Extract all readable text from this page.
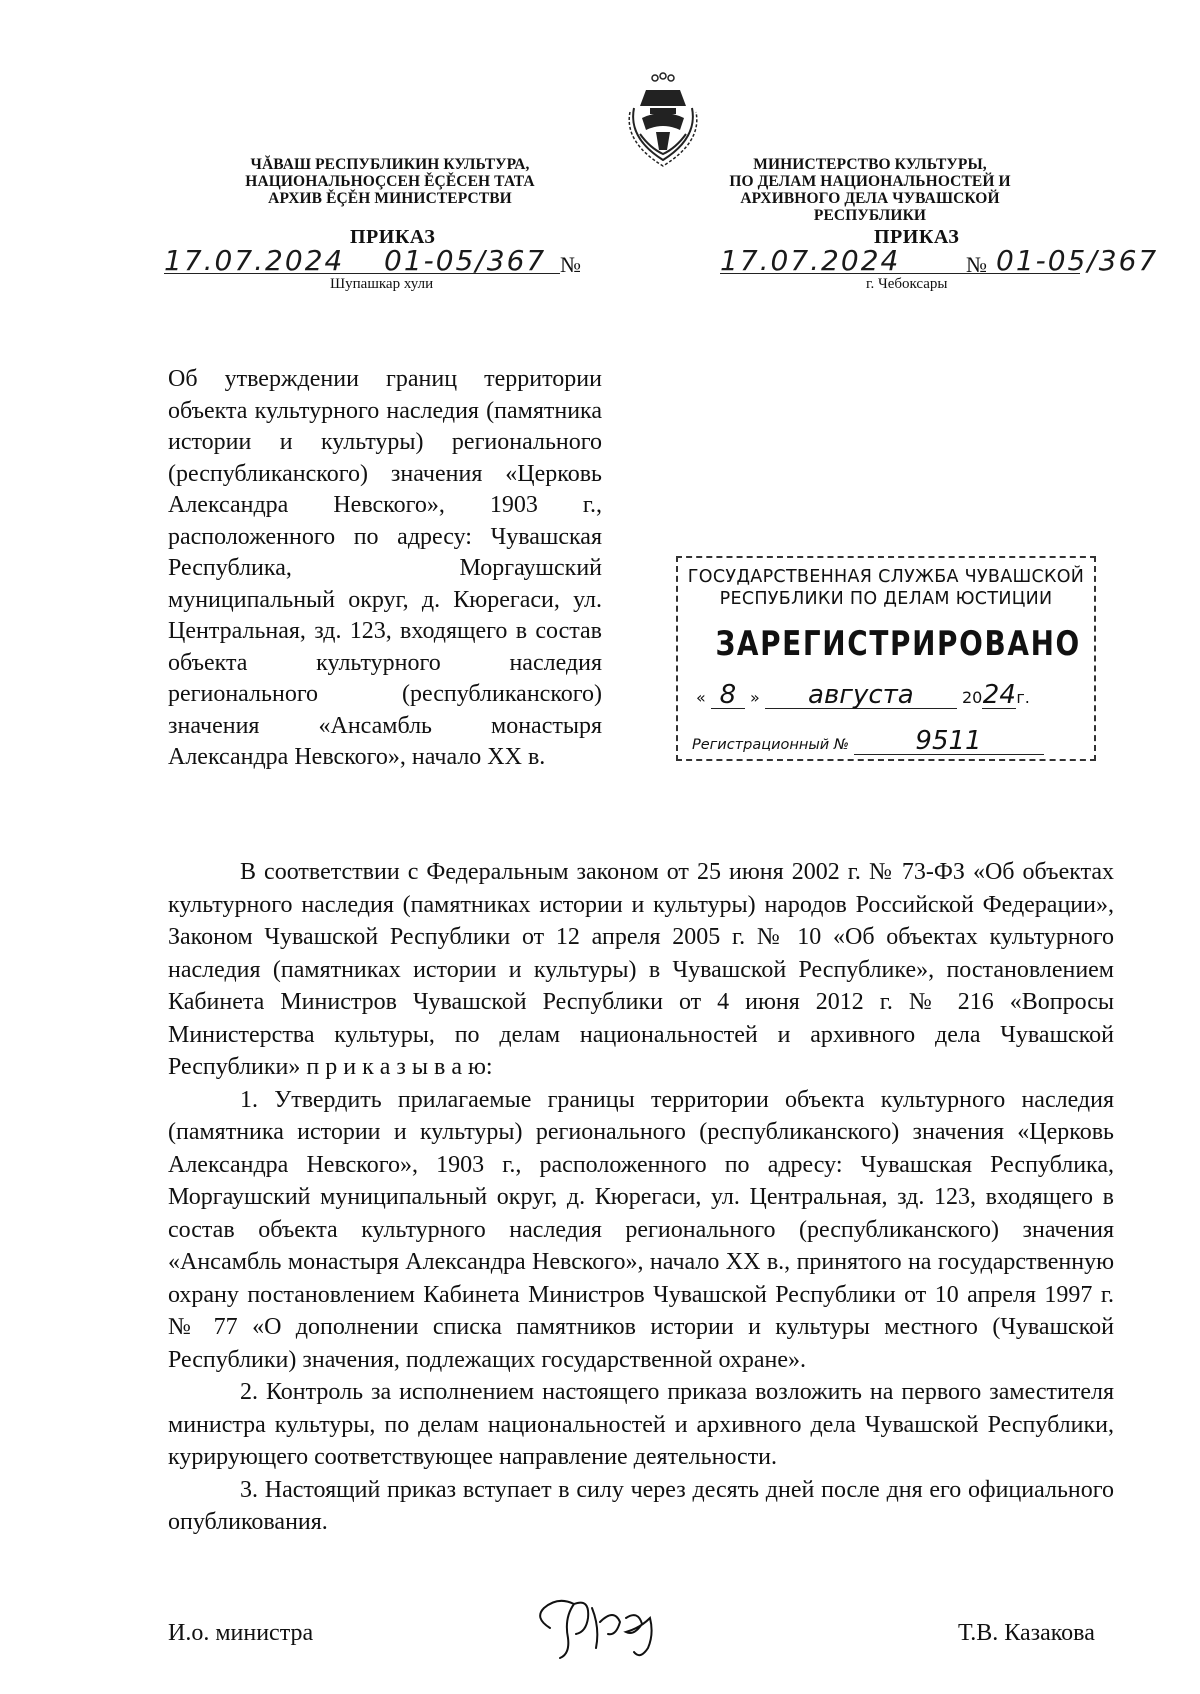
ЧĂВАШ РЕСПУБЛИКИН КУЛЬТУРА,
НАЦИОНАЛЬНОÇСЕН ĚÇĚСЕН ТАТА
АРХИВ ĚÇĚН МИНИСТЕРСТВИ
МИНИСТЕРСТВО КУЛЬТУРЫ,
ПО ДЕЛАМ НАЦИОНАЛЬНОСТЕЙ И
АРХИВНОГО ДЕЛА ЧУВАШСКОЙ РЕСПУБЛИКИ
ПРИКАЗ
17.07.2024 01-05/367 №
Шупашкар хули
ПРИКАЗ
17.07.2024	№ 01-05/367
г. Чебоксары
Об утверждении границ территории объекта культурного наследия (памятника истории и культуры) регионального (республиканского) значения «Церковь Александра Невского», 1903 г., расположенного по адресу: Чувашская Республика, Моргаушский муниципальный округ, д. Кюрегаси, ул. Центральная, зд. 123, входящего в состав объекта культурного наследия регионального (республиканского) значения «Ансамбль монастыря Александра Невского», начало XX в.
ГОСУДАРСТВЕННАЯ СЛУЖБА ЧУВАШСКОЙ
РЕСПУБЛИКИ ПО ДЕЛАМ ЮСТИЦИИ
ЗАРЕГИСТРИРОВАНО
« 8 » августа	2024г.
Регистрационный №	9511

В соответствии с Федеральным законом от 25 июня 2002 г. № 73-ФЗ «Об объектах культурного наследия (памятниках истории и культуры) народов Российской Федерации», Законом Чувашской Республики от 12 апреля 2005 г. № 10 «Об объектах культурного наследия (памятниках истории и культуры) в Чувашской Республике», постановлением Кабинета Министров Чувашской Республики от 4 июня 2012 г. № 216 «Вопросы Министерства культуры, по делам национальностей и архивного дела Чувашской Республики» п р и к а з ы в а ю:

1. Утвердить прилагаемые границы территории объекта культурного наследия (памятника истории и культуры) регионального (республиканского) значения «Церковь Александра Невского», 1903 г., расположенного по адресу: Чувашская Республика, Моргаушский муниципальный округ, д. Кюрегаси, ул. Центральная, зд. 123, входящего в состав объекта культурного наследия регионального (республиканского) значения «Ансамбль монастыря Александра Невского», начало XX в., принятого на государственную охрану постановлением Кабинета Министров Чувашской Республики от 10 апреля 1997 г. № 77 «О дополнении списка памятников истории и культуры местного (Чувашской Республики) значения, подлежащих государственной охране».

2. Контроль за исполнением настоящего приказа возложить на первого заместителя министра культуры, по делам национальностей и архивного дела Чувашской Республики, курирующего соответствующее направление деятельности.

3. Настоящий приказ вступает в силу через десять дней после дня его официального опубликования.

И.о. министра	Т.В. Казакова
